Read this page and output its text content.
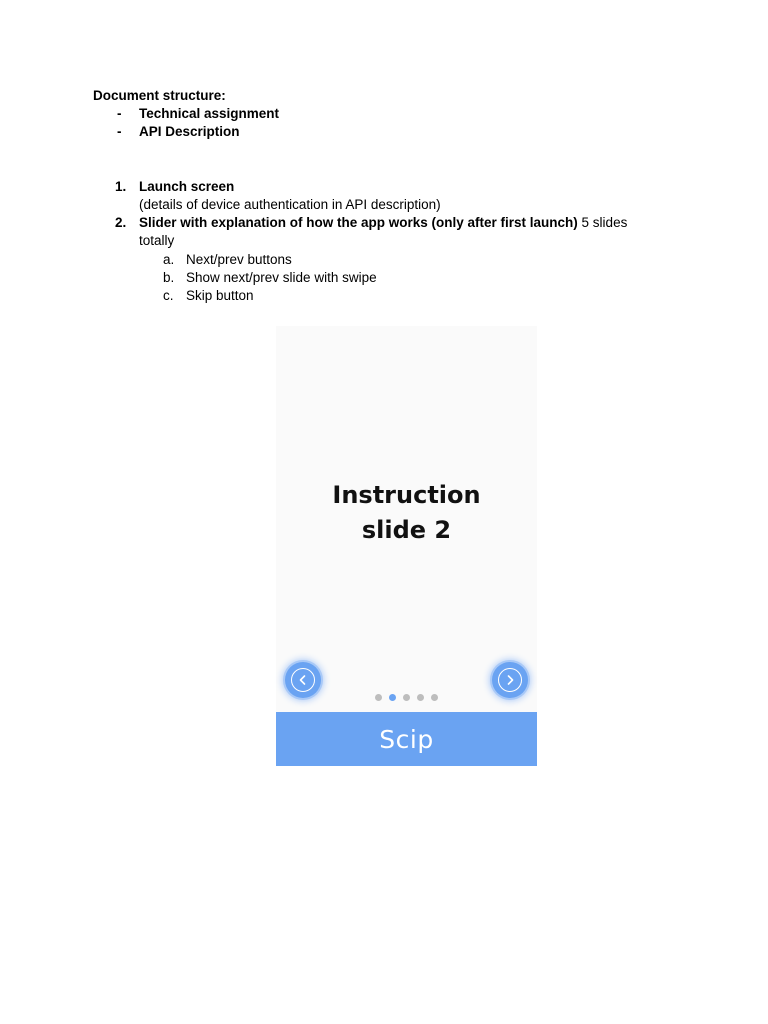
Document structure:
- Technical assignment
- API Description
1. Launch screen
(details of device authentication in API description)
2. Slider with explanation of how the app works (only after first launch) 5 slides
totally
a. Next/prev buttons
b. Show next/prev slide with swipe
c. Skip button
Instruction
slide 2
Scip
